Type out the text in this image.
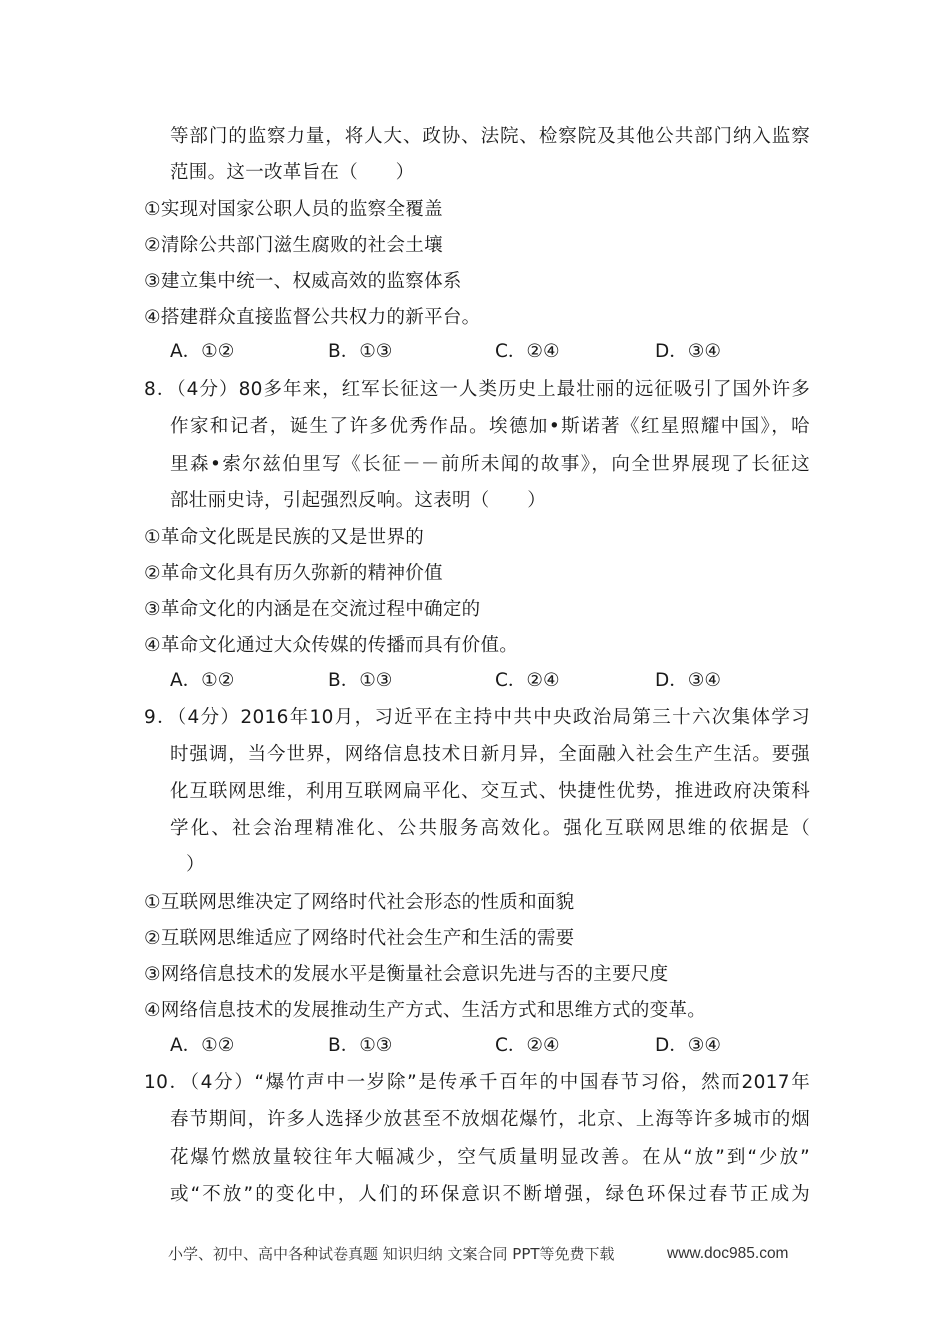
等部门的监察力量，将人大、政协、法院、检察院及其他公共部门纳入监察
范围。这一改革旨在（　　）
①实现对国家公职人员的监察全覆盖
②清除公共部门滋生腐败的社会土壤
③建立集中统一、权威高效的监察体系
④搭建群众直接监督公共权力的新平台。
A．①②	B．①③	C．②④	D．③④
8．（4分）80多年来，红军长征这一人类历史上最壮丽的远征吸引了国外许多
作家和记者，诞生了许多优秀作品。埃德加•斯诺著《红星照耀中国》，哈
里森•索尔兹伯里写《长征－－前所未闻的故事》，向全世界展现了长征这
部壮丽史诗，引起强烈反响。这表明（　　）
①革命文化既是民族的又是世界的
②革命文化具有历久弥新的精神价值
③革命文化的内涵是在交流过程中确定的
④革命文化通过大众传媒的传播而具有价值。
A．①②	B．①③	C．②④	D．③④
9．（4分）2016年10月，习近平在主持中共中央政治局第三十六次集体学习
时强调，当今世界，网络信息技术日新月异，全面融入社会生产生活。要强
化互联网思维，利用互联网扁平化、交互式、快捷性优势，推进政府决策科
学化、社会治理精准化、公共服务高效化。强化互联网思维的依据是（
）
①互联网思维决定了网络时代社会形态的性质和面貌
②互联网思维适应了网络时代社会生产和生活的需要
③网络信息技术的发展水平是衡量社会意识先进与否的主要尺度
④网络信息技术的发展推动生产方式、生活方式和思维方式的变革。
A．①②	B．①③	C．②④	D．③④
10．（4分）“爆竹声中一岁除”是传承千百年的中国春节习俗，然而2017年
春节期间，许多人选择少放甚至不放烟花爆竹，北京、上海等许多城市的烟
花爆竹燃放量较往年大幅减少，空气质量明显改善。在从“放”到“少放”
或“不放”的变化中，人们的环保意识不断增强，绿色环保过春节正成为
小学、初中、高中各种试卷真题 知识归纳 文案合同 PPT等免费下载	www.doc985.com
